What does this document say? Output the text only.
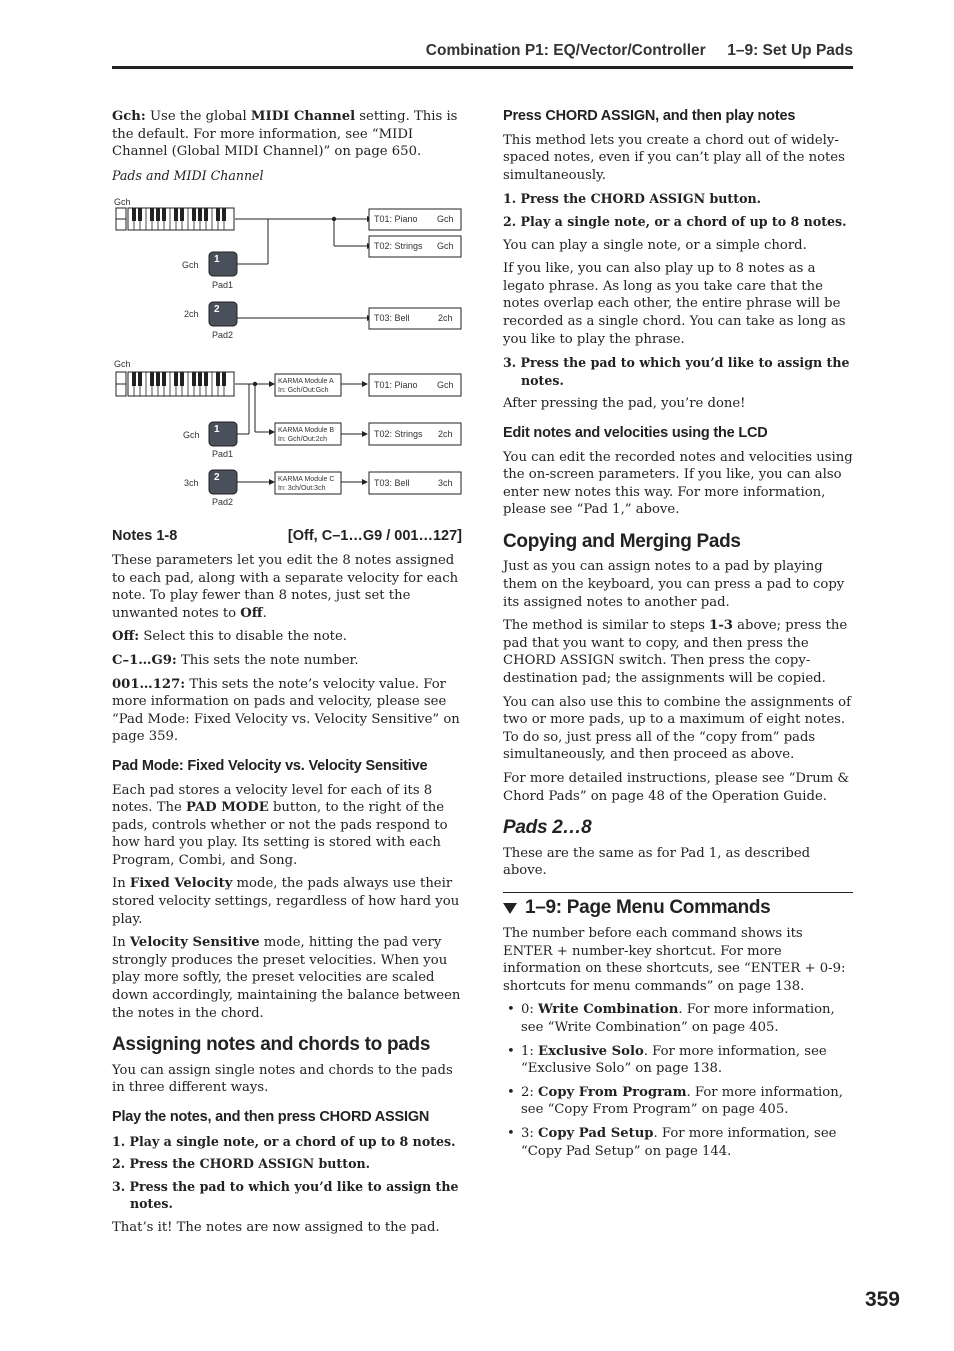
Combination P1: EQ/Vector/Controller     1–9: Set Up Pads

Gch: Use the global MIDI Channel setting. This is the default. For more information, see “MIDI Channel (Global MIDI Channel)” on page 650.

Pads and MIDI Channel
Gch
Gch 1
Pad1
2ch 2
Pad2
T01: Piano Gch
T02: Strings Gch
T03: Bell	2ch
Gch
KARMA Module A
In: Gch/Out:Gch
KARMA Module B
In: Gch/Out:2ch
KARMA Module C
In: 3ch/Out:3ch
Gch 1
Pad1
3ch 2
Pad2
T01: Piano Gch
T02: Strings 2ch
T03: Bell	3ch
Notes 1-8	[Off, C–1…G9 / 001…127]

These parameters let you edit the 8 notes assigned to each pad, along with a separate velocity for each note. To play fewer than 8 notes, just set the unwanted notes to Off.

Off: Select this to disable the note.

C–1…G9: This sets the note number.

001…127: This sets the note’s velocity value. For more information on pads and velocity, please see “Pad Mode: Fixed Velocity vs. Velocity Sensitive” on page 359.

Pad Mode: Fixed Velocity vs. Velocity Sensitive

Each pad stores a velocity level for each of its 8 notes. The PAD MODE button, to the right of the pads, controls whether or not the pads respond to how hard you play. Its setting is stored with each Program, Combi, and Song.

In Fixed Velocity mode, the pads always use their stored velocity settings, regardless of how hard you play.

In Velocity Sensitive mode, hitting the pad very strongly produces the preset velocities. When you play more softly, the preset velocities are scaled down accordingly, maintaining the balance between the notes in the chord.

Assigning notes and chords to pads

You can assign single notes and chords to the pads in three different ways.

Play the notes, and then press CHORD ASSIGN
1. Play a single note, or a chord of up to 8 notes.
2. Press the CHORD ASSIGN button.
3. Press the pad to which you’d like to assign the notes.

That’s it! The notes are now assigned to the pad.

Press CHORD ASSIGN, and then play notes

This method lets you create a chord out of widely-spaced notes, even if you can’t play all of the notes simultaneously.

1. Press the CHORD ASSIGN button.
2. Play a single note, or a chord of up to 8 notes.

You can play a single note, or a simple chord.

If you like, you can also play up to 8 notes as a legato phrase. As long as you take care that the notes overlap each other, the entire phrase will be recorded as a single chord. You can take as long as you like to play the phrase.

3. Press the pad to which you’d like to assign the notes.

After pressing the pad, you’re done!

Edit notes and velocities using the LCD

You can edit the recorded notes and velocities using the on-screen parameters. If you like, you can also enter new notes this way. For more information, please see “Pad 1,” above.

Copying and Merging Pads

Just as you can assign notes to a pad by playing them on the keyboard, you can press a pad to copy its assigned notes to another pad.

The method is similar to steps 1-3 above; press the pad that you want to copy, and then press the CHORD ASSIGN switch. Then press the copy-destination pad; the assignments will be copied.

You can also use this to combine the assignments of two or more pads, up to a maximum of eight notes. To do so, just press all of the “copy from” pads simultaneously, and then proceed as above.

For more detailed instructions, please see “Drum & Chord Pads” on page 48 of the Operation Guide.

Pads 2…8

These are the same as for Pad 1, as described above.

1–9: Page Menu Commands

The number before each command shows its ENTER + number-key shortcut. For more information on these shortcuts, see “ENTER + 0-9: shortcuts for menu commands” on page 138.

• 0: Write Combination. For more information, see “Write Combination” on page 405.
• 1: Exclusive Solo. For more information, see “Exclusive Solo” on page 138.
• 2: Copy From Program. For more information, see “Copy From Program” on page 405.
• 3: Copy Pad Setup. For more information, see “Copy Pad Setup” on page 144.
359
